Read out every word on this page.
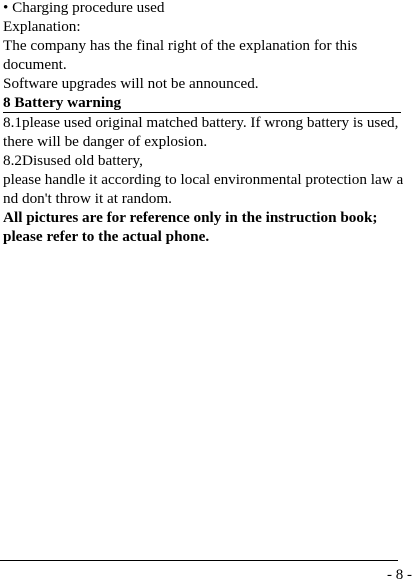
• Charging procedure used
Explanation:
The company has the final right of the explanation for this
document.
Software upgrades will not be announced.
8 Battery warning
8.1please used original matched battery. If wrong battery is used,
there will be danger of explosion.
8.2Disused old battery,
please handle it according to local environmental protection law a
nd don't throw it at random.
All pictures are for reference only in the instruction book;
please refer to the actual phone.
- 8 -
